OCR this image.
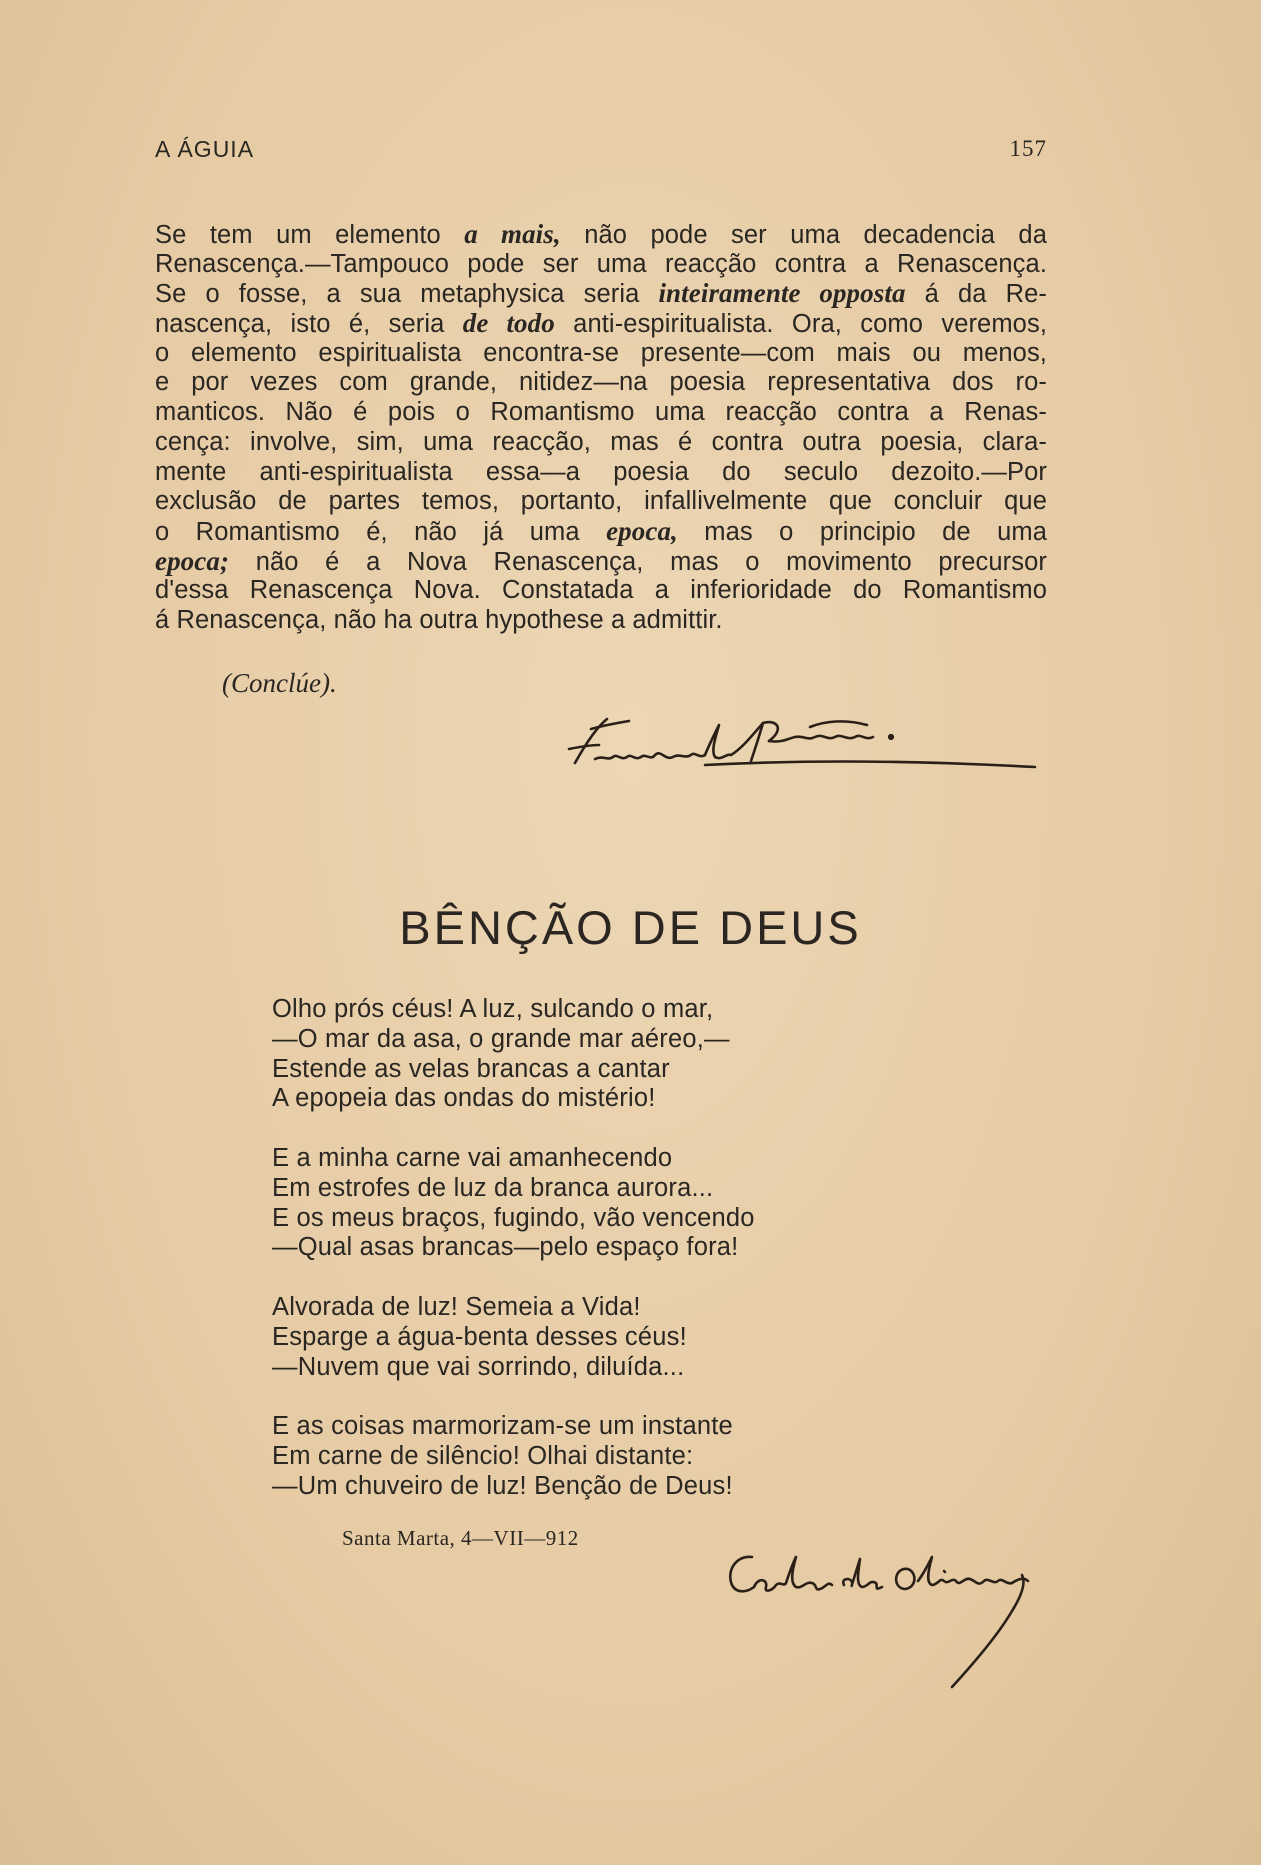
A ÁGUIA	157
Se tem um elemento a mais, não pode ser uma decadencia da
Renascença.—Tampouco pode ser uma reacção contra a Renascença.
Se o fosse, a sua metaphysica seria inteiramente opposta á da Re-
nascença, isto é, seria de todo anti-espiritualista. Ora, como veremos,
o elemento espiritualista encontra-se presente—com mais ou menos,
e por vezes com grande, nitidez—na poesia representativa dos ro-
manticos. Não é pois o Romantismo uma reacção contra a Renas-
cença: involve, sim, uma reacção, mas é contra outra poesia, clara-
mente anti-espiritualista essa—a poesia do seculo dezoito.—Por
exclusão de partes temos, portanto, infallivelmente que concluir que
o Romantismo é, não já uma epoca, mas o principio de uma
epoca; não é a Nova Renascença, mas o movimento precursor
d'essa Renascença Nova. Constatada a inferioridade do Romantismo
á Renascença, não ha outra hypothese a admittir.
(Conclúe).
BÊNÇÃO DE DEUS
Olho prós céus! A luz, sulcando o mar,
—O mar da asa, o grande mar aéreo,—
Estende as velas brancas a cantar
A epopeia das ondas do mistério!
E a minha carne vai amanhecendo
Em estrofes de luz da branca aurora...
E os meus braços, fugindo, vão vencendo
—Qual asas brancas—pelo espaço fora!
Alvorada de luz! Semeia a Vida!
Esparge a água-benta desses céus!
—Nuvem que vai sorrindo, diluída...
E as coisas marmorizam-se um instante
Em carne de silêncio! Olhai distante:
—Um chuveiro de luz! Benção de Deus!
Santa Marta, 4—VII—912
